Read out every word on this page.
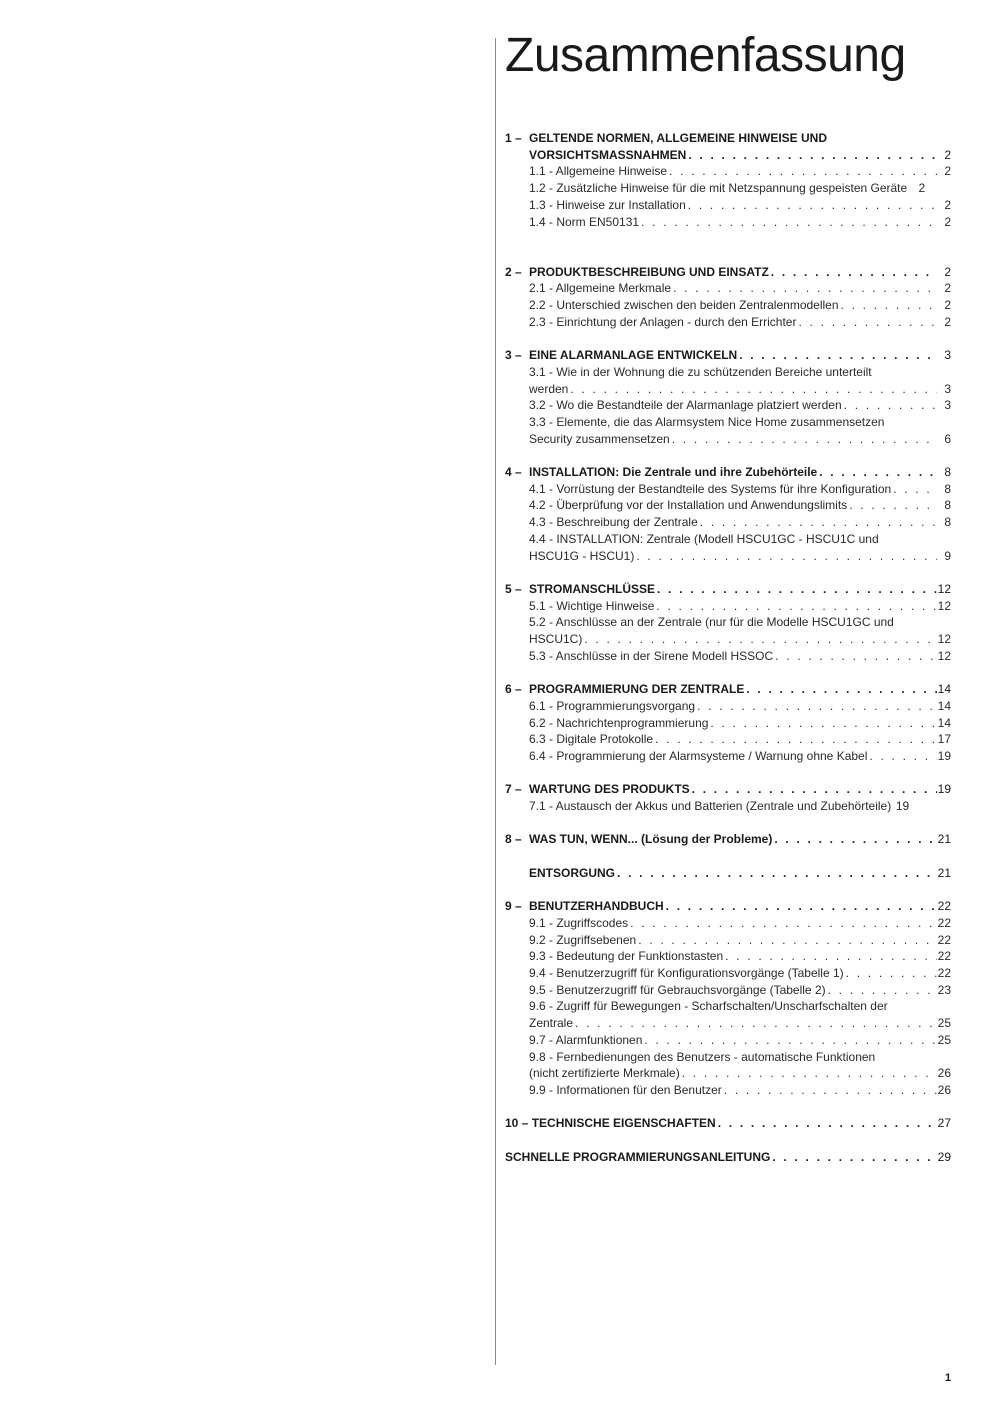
Zusammenfassung
1 – GELTENDE NORMEN, ALLGEMEINE HINWEISE UND
VORSICHTSMASSNAHMEN . . .	2
1.1 - Allgemeine Hinweise . . .	2
1.2 - Zusätzliche Hinweise für die mit Netzspannung gespeisten Geräte 2
1.3 - Hinweise zur Installation . . .	2
1.4 - Norm EN50131 . . .	2
2 – PRODUKTBESCHREIBUNG UND EINSATZ . . .	2
2.1 - Allgemeine Merkmale . . .	2
2.2 - Unterschied zwischen den beiden Zentralenmodellen . . .	2
2.3 - Einrichtung der Anlagen - durch den Errichter . . .	2
3 – EINE ALARMANLAGE ENTWICKELN . . .	3
3.1 - Wie in der Wohnung die zu schützenden Bereiche unterteilt
werden . . .	3
3.2 - Wo die Bestandteile der Alarmanlage platziert werden . . .	3
3.3 - Elemente, die das Alarmsystem Nice Home zusammensetzen
Security zusammensetzen . . .	6
4 – INSTALLATION: Die Zentrale und ihre Zubehörteile . . .	8
4.1 - Vorrüstung der Bestandteile des Systems für ihre Konfiguration . . .	8
4.2 - Überprüfung vor der Installation und Anwendungslimits . . .	8
4.3 - Beschreibung der Zentrale . . .	8
4.4 - INSTALLATION: Zentrale (Modell HSCU1GC - HSCU1C und
HSCU1G - HSCU1) . . .	9
5 – STROMANSCHLÜSSE . . .	12
5.1 - Wichtige Hinweise . . .	12
5.2 - Anschlüsse an der Zentrale (nur für die Modelle HSCU1GC und
HSCU1C) . . .	12
5.3 - Anschlüsse in der Sirene Modell HSSOC . . .	12
6 – PROGRAMMIERUNG DER ZENTRALE . . .	14
6.1 - Programmierungsvorgang . . .	14
6.2 - Nachrichtenprogrammierung . . .	14
6.3 - Digitale Protokolle . . .	17
6.4 - Programmierung der Alarmsysteme / Warnung ohne Kabel . . .	19
7 – WARTUNG DES PRODUKTS . . .	19
7.1 - Austausch der Akkus und Batterien (Zentrale und Zubehörteile) 19
8 – WAS TUN, WENN... (Lösung der Probleme) . . .	21
ENTSORGUNG . . .	21
9 – BENUTZERHANDBUCH . . .	22
9.1 - Zugriffscodes . . .	22
9.2 - Zugriffsebenen . . .	22
9.3 - Bedeutung der Funktionstasten . . .	22
9.4 - Benutzerzugriff für Konfigurationsvorgänge (Tabelle 1) . . .	22
9.5 - Benutzerzugriff für Gebrauchsvorgänge (Tabelle 2) . . .	23
9.6 - Zugriff für Bewegungen - Scharfschalten/Unscharfschalten der
Zentrale . . .	25
9.7 - Alarmfunktionen . . .	25
9.8 - Fernbedienungen des Benutzers - automatische Funktionen
(nicht zertifizierte Merkmale) . . .	26
9.9 - Informationen für den Benutzer . . .	26
10 – TECHNISCHE EIGENSCHAFTEN . . .	27
SCHNELLE PROGRAMMIERUNGSANLEITUNG . . .	29
1
